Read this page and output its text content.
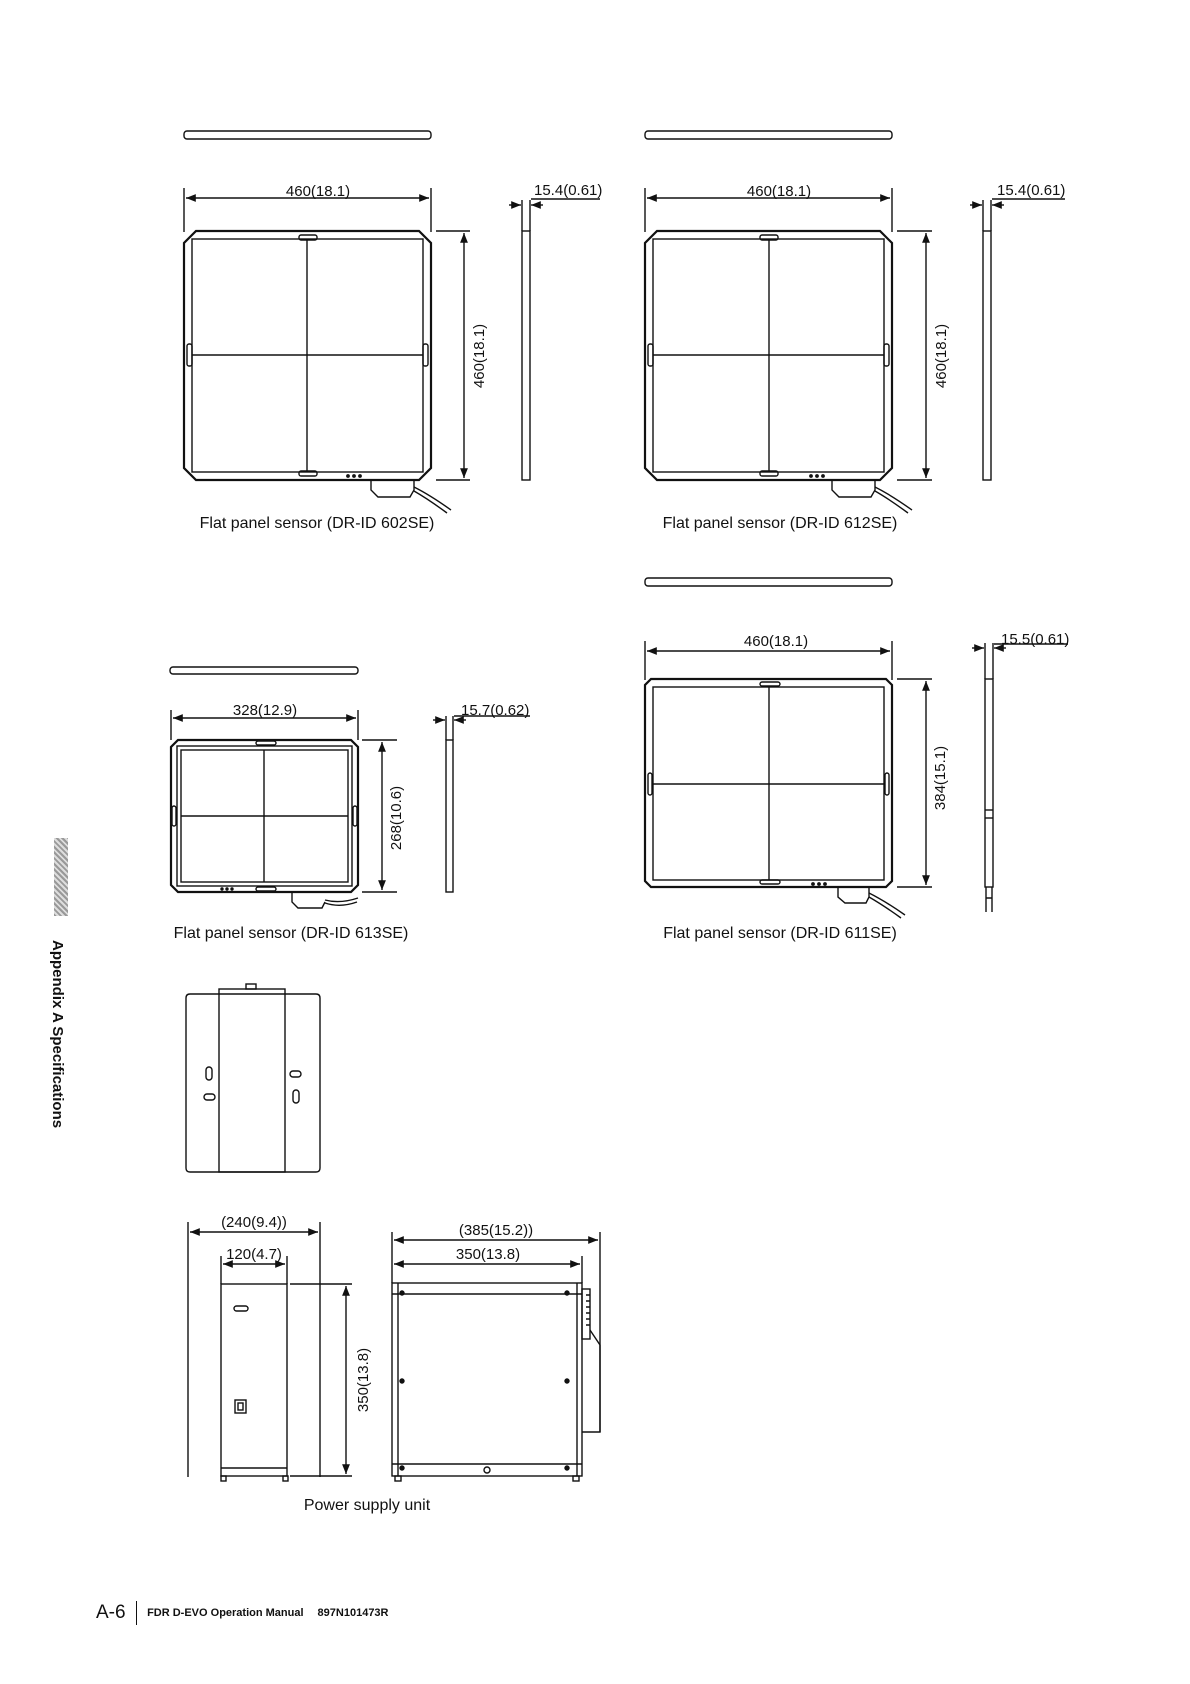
Appendix A Specifications
460(18.1)
460(18.1)
15.4(0.61)
Flat panel sensor (DR-ID 602SE)
460(18.1)
460(18.1)
15.4(0.61)
Flat panel sensor (DR-ID 612SE)
328(12.9)
268(10.6)
15.7(0.62)
Flat panel sensor (DR-ID 613SE)
460(18.1)
384(15.1)
15.5(0.61)
Flat panel sensor (DR-ID 611SE)
(240(9.4))
120(4.7)
350(13.8)
(385(15.2))
350(13.8)
Power supply unit
A-6 FDR D-EVO Operation Manual 897N101473R
